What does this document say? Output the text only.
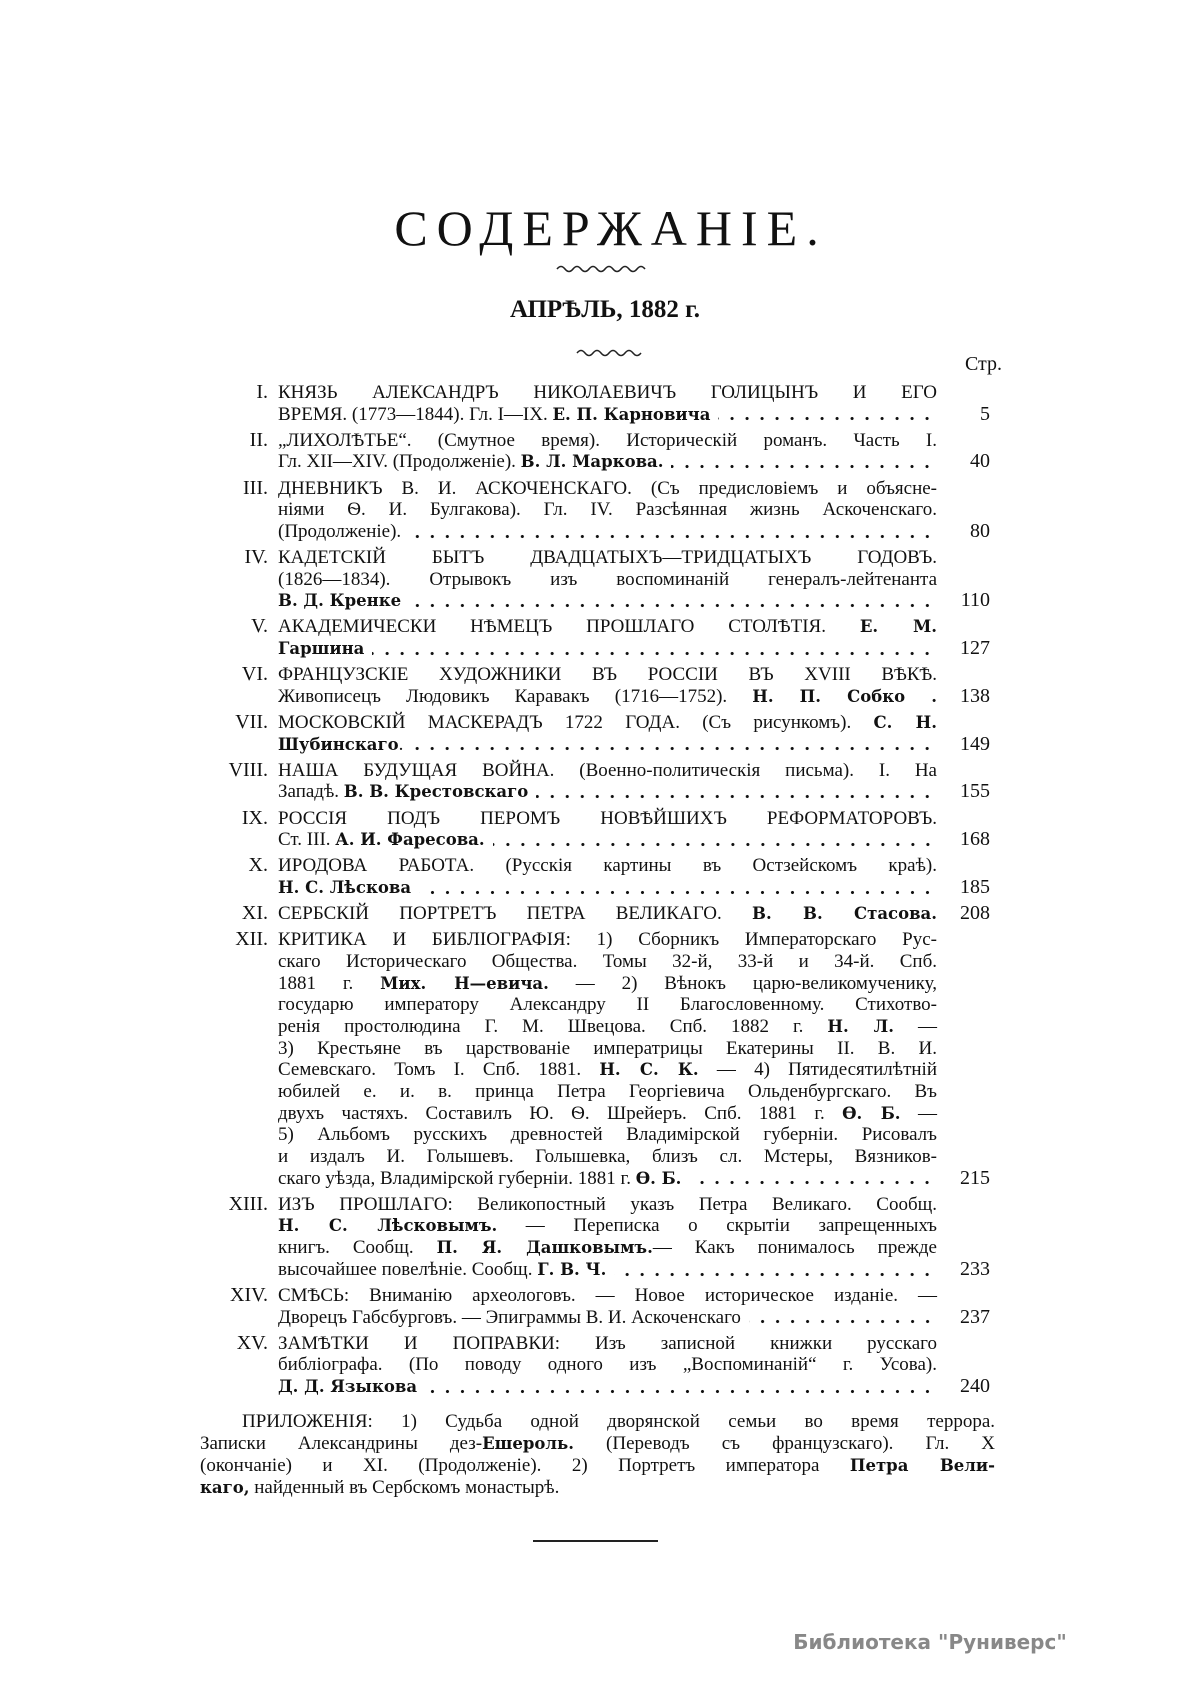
СОДЕРЖАНІЕ.
АПРѢЛЬ, 1882 г.
Стр.
I. КНЯЗЬ АЛЕКСАНДРЪ НИКОЛАЕВИЧЪ ГОЛИЦЫНЪ И ЕГО
ВРЕМЯ. (1773—1844). Гл. I—IX. Е. П. Карновича	5
II. „ЛИХОЛѢТЬЕ“. (Смутное время). Историческій романъ. Часть I.
Гл. XII—XIV. (Продолженіе). В. Л. Маркова.	40
III. ДНЕВНИКЪ В. И. АСКОЧЕНСКАГО. (Съ предисловіемъ и объясне-
ніями Ѳ. И. Булгакова). Гл. IV. Разсѣянная жизнь Аскоченскаго.
(Продолженіе).	80
IV. КАДЕТСКІЙ БЫТЪ ДВАДЦАТЫХЪ—ТРИДЦАТЫХЪ ГОДОВЪ.
(1826—1834). Отрывокъ изъ воспоминаній генералъ-лейтенанта
В. Д. Кренке	110
V. АКАДЕМИЧЕСКИ НѢМЕЦЪ ПРОШЛАГО СТОЛѢТІЯ. Е. М.
Гаршина	127
VI. ФРАНЦУЗСКІЕ ХУДОЖНИКИ ВЪ РОССІИ ВЪ XVIII ВѢКѢ.
Живописецъ Людовикъ Каравакъ (1716—1752). Н. П. Собко .	138
VII. МОСКОВСКІЙ МАСКЕРАДЪ 1722 ГОДА. (Съ рисункомъ). С. Н.
Шубинскаго.	149
VIII. НАША БУДУЩАЯ ВОЙНА. (Военно-политическія письма). I. На
Западѣ. В. В. Крестовскаго	155
IX. РОССІЯ ПОДЪ ПЕРОМЪ НОВѢЙШИХЪ РЕФОРМАТОРОВЪ.
Ст. III. А. И. Фаресова.	168
X. ИРОДОВА РАБОТА. (Русскія картины въ Остзейскомъ краѣ).
Н. С. Лѣскова	185
XI. СЕРБСКІЙ ПОРТРЕТЪ ПЕТРА ВЕЛИКАГО. В. В. Стасова.	208
XII. КРИТИКА И БИБЛІОГРАФІЯ: 1) Сборникъ Императорскаго Рус-
скаго Историческаго Общества. Томы 32-й, 33-й и 34-й. Спб.
1881 г. Мих. Н—евича. — 2) Вѣнокъ царю-великомученику,
государю императору Александру II Благословенному. Стихотво-
ренія простолюдина Г. М. Швецова. Спб. 1882 г. Н. Л. —
3) Крестьяне въ царствованіе императрицы Екатерины II. В. И.
Семевскаго. Томъ I. Спб. 1881. Н. С. К. — 4) Пятидесятилѣтній
юбилей е. и. в. принца Петра Георгіевича Ольденбургскаго. Въ
двухъ частяхъ. Составилъ Ю. Ѳ. Шрейеръ. Спб. 1881 г. Ѳ. Б. —
5) Альбомъ русскихъ древностей Владимірской губерніи. Рисовалъ
и издалъ И. Голышевъ. Голышевка, близъ сл. Мстеры, Вязников-
скаго уѣзда, Владимірской губерніи. 1881 г. Ѳ. Б.	215
XIII. ИЗЪ ПРОШЛАГО: Великопостный указъ Петра Великаго. Сообщ.
Н. С. Лѣсковымъ. — Переписка о скрытіи запрещенныхъ
книгъ. Сообщ. П. Я. Дашковымъ.— Какъ понималось прежде
высочайшее повелѣніе. Сообщ. Г. В. Ч.	233
XIV. СМѢСЬ: Вниманію археологовъ. — Новое историческое изданіе. —
Дворецъ Габсбурговъ. — Эпиграммы В. И. Аскоченскаго	237
XV. ЗАМѢТКИ И ПОПРАВКИ: Изъ записной книжки русскаго
библіографа. (По поводу одного изъ „Воспоминаній“ г. Усова).
Д. Д. Языкова	240
ПРИЛОЖЕНІЯ: 1) Судьба одной дворянской семьи во время террора.
Записки Александрины дез-Ешероль. (Переводъ съ французскаго). Гл. X
(окончаніе) и XI. (Продолженіе). 2) Портретъ императора Петра Вели-
каго, найденный въ Сербскомъ монастырѣ.
Библиотека "Руниверс"
